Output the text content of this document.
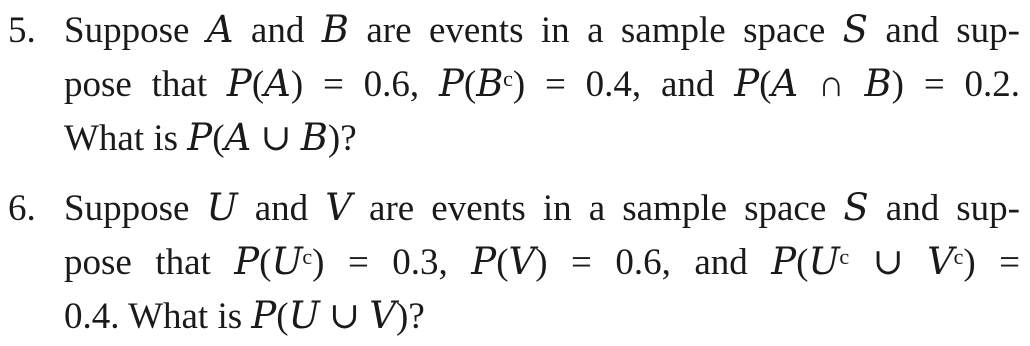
5. Suppose 𝐴 and 𝐵 are events in a sample space 𝑆 and sup-
pose that 𝑃(𝐴) = 0.6, 𝑃(𝐵ᶜ) = 0.4, and 𝑃(𝐴 ∩ 𝐵) = 0.2.
What is 𝑃(𝐴 ∪ 𝐵)?
6. Suppose 𝑈 and 𝑉 are events in a sample space 𝑆 and sup-
pose that 𝑃(𝑈ᶜ) = 0.3, 𝑃(𝑉) = 0.6, and 𝑃(𝑈ᶜ ∪ 𝑉ᶜ) =
0.4. What is 𝑃(𝑈 ∪ 𝑉)?
